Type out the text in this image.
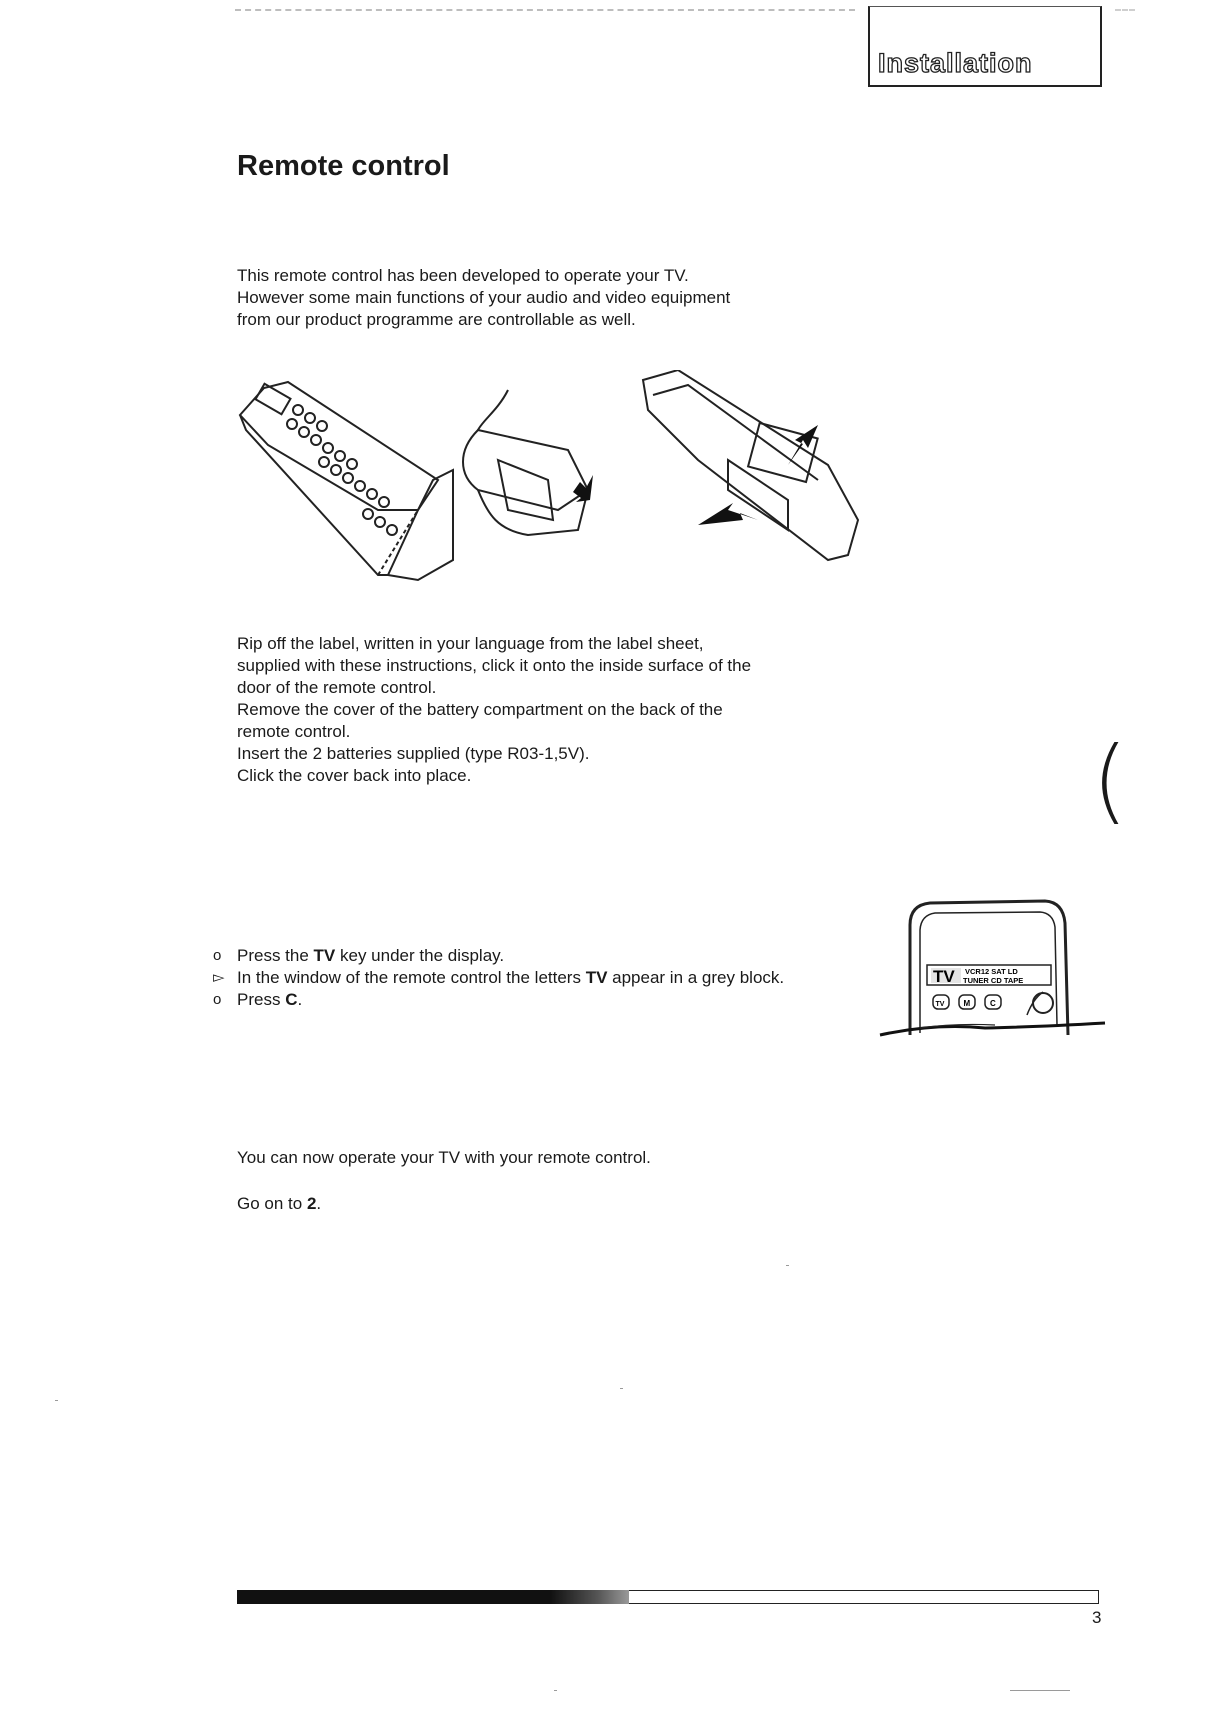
Installation
Remote control

This remote control has been developed to operate your TV.

However some main functions of your audio and video equipment

from our product programme are controllable as well.

Rip off the label, written in your language from the label sheet,

supplied with these instructions, click it onto the inside surface of the

door of the remote control.

Remove the cover of the battery compartment on the back of the

remote control.

Insert the 2 batteries supplied (type R03-1,5V).

Click the cover back into place.	(
o Press the TV key under the display.
▻ In the window of the remote control the letters TV appear in a grey block.
o Press C.
TV VCR12 SAT LD
TUNER CD TAPE
TV M C
You can now operate your TV with your remote control.
Go on to 2.
3
